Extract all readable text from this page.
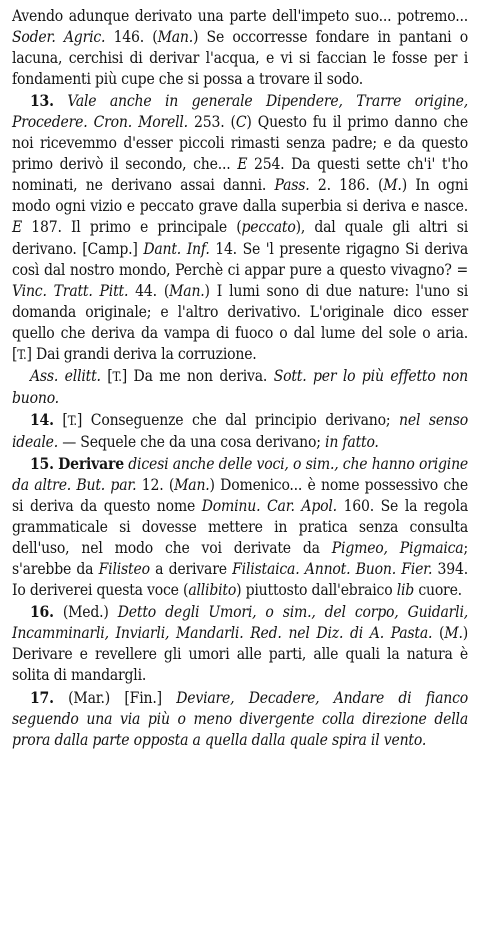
Avendo adunque derivato una parte dell'impeto suo... potremo... Soder. Agric. 146. (Man.) Se occorresse fondare in pantani o lacuna, cerchisi di derivar l'acqua, e vi si faccian le fosse per i fondamenti più cupe che si possa a trovare il sodo.

13. Vale anche in generale Dipendere, Trarre origine, Procedere. Cron. Morell. 253. (C) Questo fu il primo danno che noi ricevemmo d'esser piccoli rimasti senza padre; e da questo primo derivò il secondo, che... E 254. Da questi sette ch'i' t'ho nominati, ne derivano assai danni. Pass. 2. 186. (M.) In ogni modo ogni vizio e peccato grave dalla superbia si deriva e nasce. E 187. Il primo e principale (peccato), dal quale gli altri si derivano. [Camp.] Dant. Inf. 14. Se 'l presente rigagno Si deriva così dal nostro mondo, Perchè ci appar pure a questo vivagno? = Vinc. Tratt. Pitt. 44. (Man.) I lumi sono di due nature: l'uno si domanda originale; e l'altro derivativo. L'originale dico esser quello che deriva da vampa di fuoco o dal lume del sole o aria. [T.] Dai grandi deriva la corruzione.

Ass. ellitt. [T.] Da me non deriva. Sott. per lo più effetto non buono.

14. [T.] Conseguenze che dal principio derivano; nel senso ideale. — Sequele che da una cosa derivano; in fatto.

15. Derivare dicesi anche delle voci, o sim., che hanno origine da altre. But. par. 12. (Man.) Domenico... è nome possessivo che si deriva da questo nome Dominu. Car. Apol. 160. Se la regola grammaticale si dovesse mettere in pratica senza consulta dell'uso, nel modo che voi derivate da Pigmeo, Pigmaica; s'arebbe da Filisteo a derivare Filistaica. Annot. Buon. Fier. 394. Io deriverei questa voce (allibito) piuttosto dall'ebraico lib cuore.

16. (Med.) Detto degli Umori, o sim., del corpo, Guidarli, Incamminarli, Inviarli, Mandarli. Red. nel Diz. di A. Pasta. (M.) Derivare e revellere gli umori alle parti, alle quali la natura è solita di mandargli.

17. (Mar.) [Fin.] Deviare, Decadere, Andare di fianco seguendo una via più o meno divergente colla direzione della prora dalla parte opposta a quella dalla quale spira il vento.
